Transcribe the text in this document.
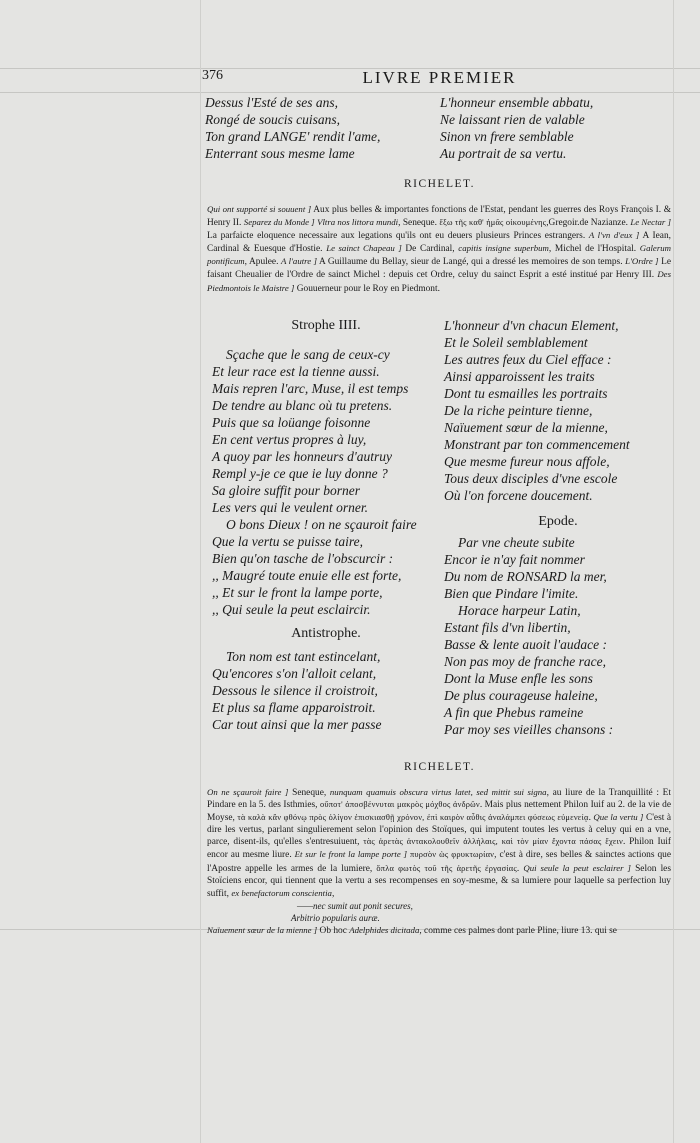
376	LIVRE PREMIER
Dessus l'Esté de ses ans,
Rongé de soucis cuisans,
Ton grand LANGE' rendit l'ame,
Enterrant sous mesme lame
L'honneur ensemble abbatu,
Ne laissant rien de valable
Sinon vn frere semblable
Au portrait de sa vertu.
RICHELET.

Qui ont supporté si souuent ] Aux plus belles & importantes fonctions de l'Estat, pendant les guerres des Roys François I. & Henry II. Separez du Monde ] Vltra nos littora mundi, Seneque. ἔξω τῆς καθ' ἡμᾶς οἰκουμένης,Gregoir.de Nazianze. Le Nectar ] La parfaicte eloquence necessaire aux legations qu'ils ont eu deuers plusieurs Princes estrangers. A l'vn d'eux ] A Iean, Cardinal & Euesque d'Hostie. Le sainct Chapeau ] De Cardinal, capitis insigne superbum, Michel de l'Hospital. Galerum pontificum, Apulee. A l'autre ] A Guillaume du Bellay, sieur de Langé, qui a dressé les memoires de son temps. L'Ordre ] Le faisant Cheualier de l'Ordre de sainct Michel : depuis cet Ordre, celuy du sainct Esprit a esté institué par Henry III. Des Piedmontois le Maistre ] Gouuerneur pour le Roy en Piedmont.

Strophe IIII.
Sçache que le sang de ceux-cy
Et leur race est la tienne aussi.
Mais repren l'arc, Muse, il est temps
De tendre au blanc où tu pretens.
Puis que sa loüange foisonne
En cent vertus propres à luy,
A quoy par les honneurs d'autruy
Rempl y-je ce que ie luy donne ?
Sa gloire suffit pour borner
Les vers qui le veulent orner.
O bons Dieux ! on ne sçauroit faire
Que la vertu se puisse taire,
Bien qu'on tasche de l'obscurcir :
,, Maugré toute enuie elle est forte,
,, Et sur le front la lampe porte,
,, Qui seule la peut esclaircir.
Antistrophe.
Ton nom est tant estincelant,
Qu'encores s'on l'alloit celant,
Dessous le silence il croistroit,
Et plus sa flame apparoistroit.
Car tout ainsi que la mer passe
L'honneur d'vn chacun Element,
Et le Soleil semblablement
Les autres feux du Ciel efface :
Ainsi apparoissent les traits
Dont tu esmailles les portraits
De la riche peinture tienne,
Naïuement sœur de la mienne,
Monstrant par ton commencement
Que mesme fureur nous affole,
Tous deux disciples d'vne escole
Où l'on forcene doucement.
Epode.
Par vne cheute subite
Encor ie n'ay fait nommer
Du nom de RONSARD la mer,
Bien que Pindare l'imite.
Horace harpeur Latin,
Estant fils d'vn libertin,
Basse & lente auoit l'audace :
Non pas moy de franche race,
Dont la Muse enfle les sons
De plus courageuse haleine,
A fin que Phebus rameine
Par moy ses vieilles chansons :
RICHELET.

On ne sçauroit faire ] Seneque, nunquam quamuis obscura virtus latet, sed mittit sui signa, au liure de la Tranquillité : Et Pindare en la 5. des Isthmies, οὔποτ' ἀποσβέννυται μακρὸς μόχθος ἀνδρῶν. Mais plus nettement Philon Iuif au 2. de la vie de Moyse, τὰ καλὰ κἂν φθόνῳ πρὸς ὀλίγον ἐπισκιασθῇ χρόνον, ἐπὶ καιρὸν αὖθις ἀναλάμπει φύσεως εὐμενείᾳ. Que la vertu ] C'est à dire les vertus, parlant singulierement selon l'opinion des Stoïques, qui imputent toutes les vertus à celuy qui en a vne, parce, disent-ils, qu'elles s'entresuiuent, τὰς ἀρετὰς ἀντακολουθεῖν ἀλλήλαις, καὶ τὸν μίαν ἔχοντα πάσας ἔχειν. Philon Iuif encor au mesme liure. Et sur le front la lampe porte ] πυρσὸν ὡς φρυκτωρίαν, c'est à dire, ses belles & sainctes actions que l'Apostre appelle les armes de la lumiere, ὅπλα φωτὸς τοῦ τῆς ἀρετῆς ἐργασίας. Qui seule la peut esclairer ] Selon les Stoïciens encor, qui tiennent que la vertu a ses recompenses en soy-mesme, & sa lumiere pour laquelle sa perfection luy suffit, ex benefactorum conscientia,

——nec sumit aut ponit secures,
Arbitrio popularis auræ.

Naïuement sœur de la mienne ] Ob hoc Adelphides dicitada, comme ces palmes dont parle Pline, liure 13. qui se
